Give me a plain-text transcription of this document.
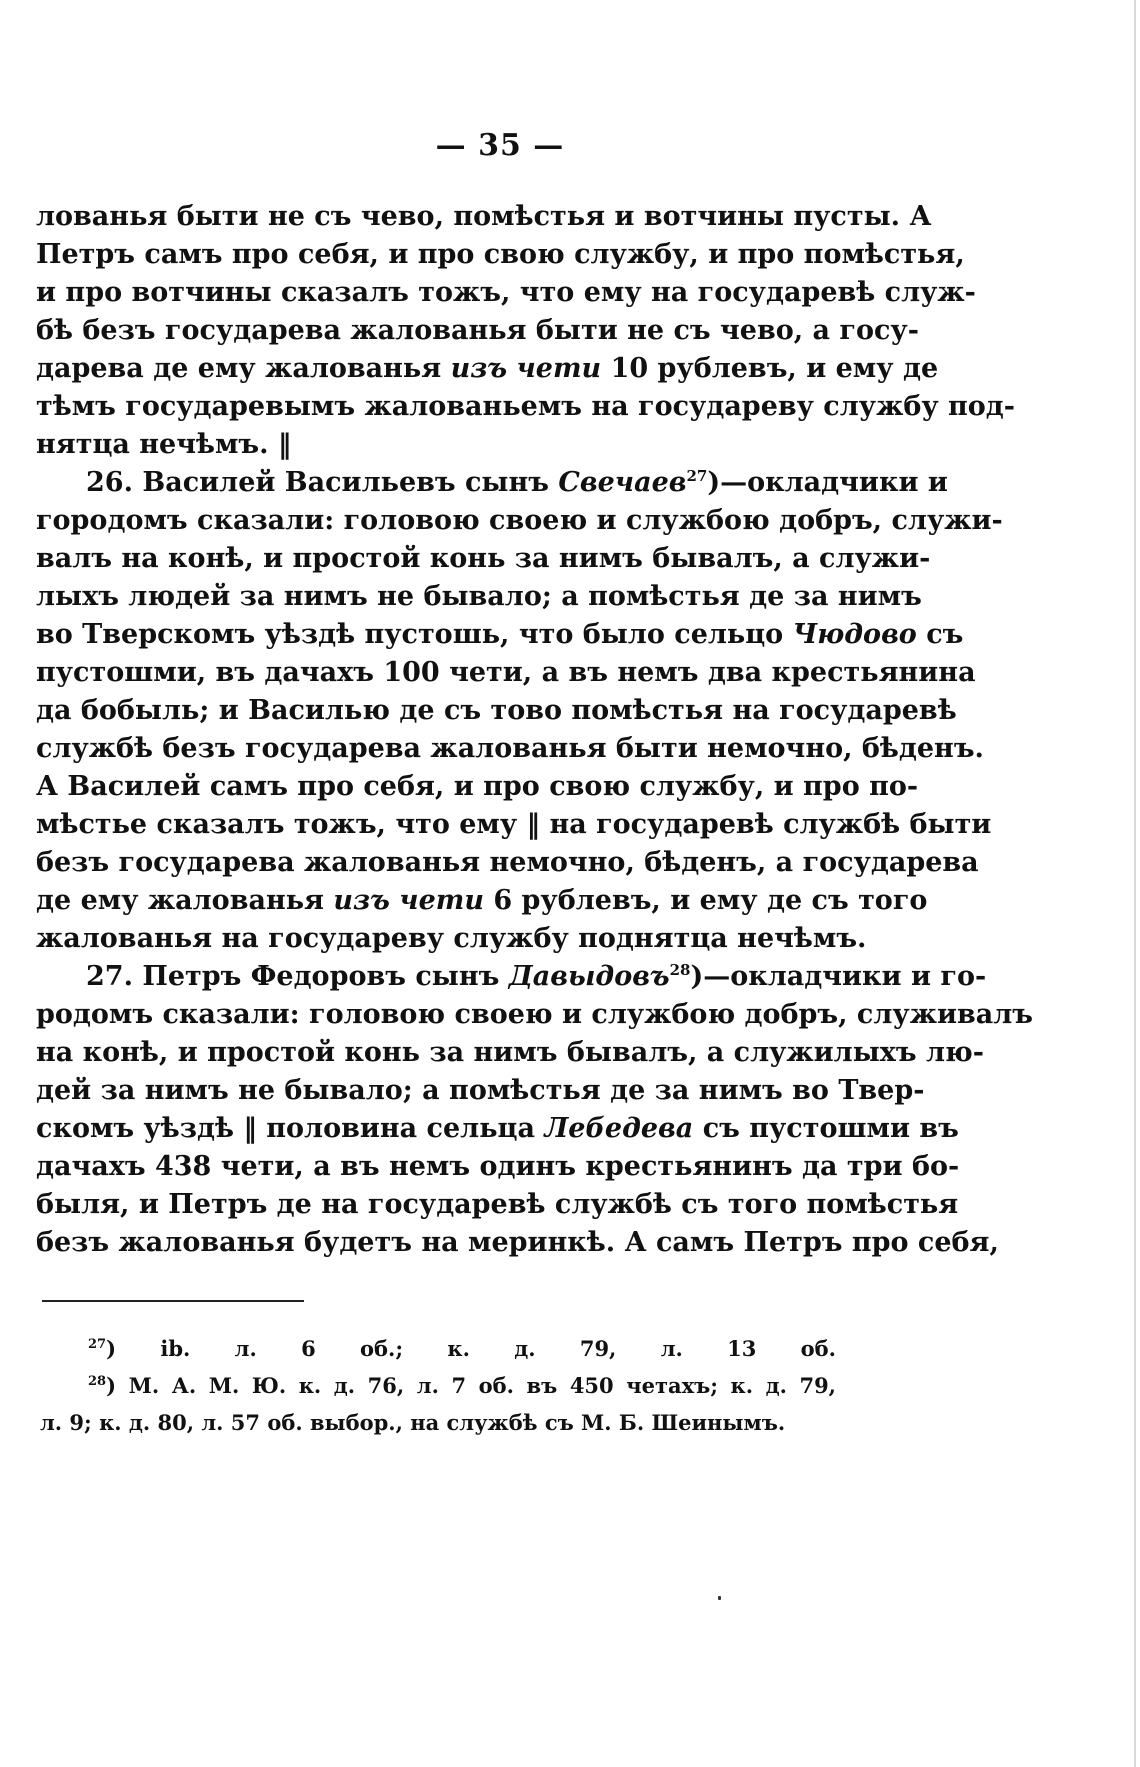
— 35 —
лованья быти не съ чево, помѣстья и вотчины пусты. А
Петръ самъ про себя, и про свою службу, и про помѣстья,
и про вотчины сказалъ тожъ, что ему на государевѣ служ-
бѣ безъ государева жалованья быти не съ чево, а госу-
дарева де ему жалованья изъ чети 10 рублевъ, и ему де
тѣмъ государевымъ жалованьемъ на государеву службу под-
нятца нечѣмъ. ‖
26. Василей Васильевъ сынъ Свечаев$^{27}$)—окладчики и
городомъ сказали: головою своею и службою добръ, служи-
валъ на конѣ, и простой конь за нимъ бывалъ, а служи-
лыхъ людей за нимъ не бывало; а помѣстья де за нимъ
во Тверскомъ уѣздѣ пустошь, что было сельцо Чюдово съ
пустошми, въ дачахъ 100 чети, а въ немъ два крестьянина
да бобыль; и Василью де съ тово помѣстья на государевѣ
службѣ безъ государева жалованья быти немочно, бѣденъ.
А Василей самъ про себя, и про свою службу, и про по-
мѣстье сказалъ тожъ, что ему ‖ на государевѣ службѣ быти
безъ государева жалованья немочно, бѣденъ, а государева
де ему жалованья изъ чети 6 рублевъ, и ему де съ того
жалованья на государеву службу поднятца нечѣмъ.
27. Петръ Федоровъ сынъ Давыдовъ$^{28}$)—окладчики и го-
родомъ сказали: головою своею и службою добръ, служивалъ
на конѣ, и простой конь за нимъ бывалъ, а служилыхъ лю-
дей за нимъ не бывало; а помѣстья де за нимъ во Твер-
скомъ уѣздѣ ‖ половина сельца Лебедева съ пустошми въ
дачахъ 438 чети, а въ немъ одинъ крестьянинъ да три бо-
быля, и Петръ де на государевѣ службѣ съ того помѣстья
безъ жалованья будетъ на меринкѣ. А самъ Петръ про себя,
$^{27}$) ib. л. 6 об.; к. д. 79, л. 13 об.
$^{28}$) М. А. М. Ю. к. д. 76, л. 7 об. въ 450 четахъ; к. д. 79,
л. 9; к. д. 80, л. 57 об. выбор., на службѣ съ М. Б. Шеинымъ.
